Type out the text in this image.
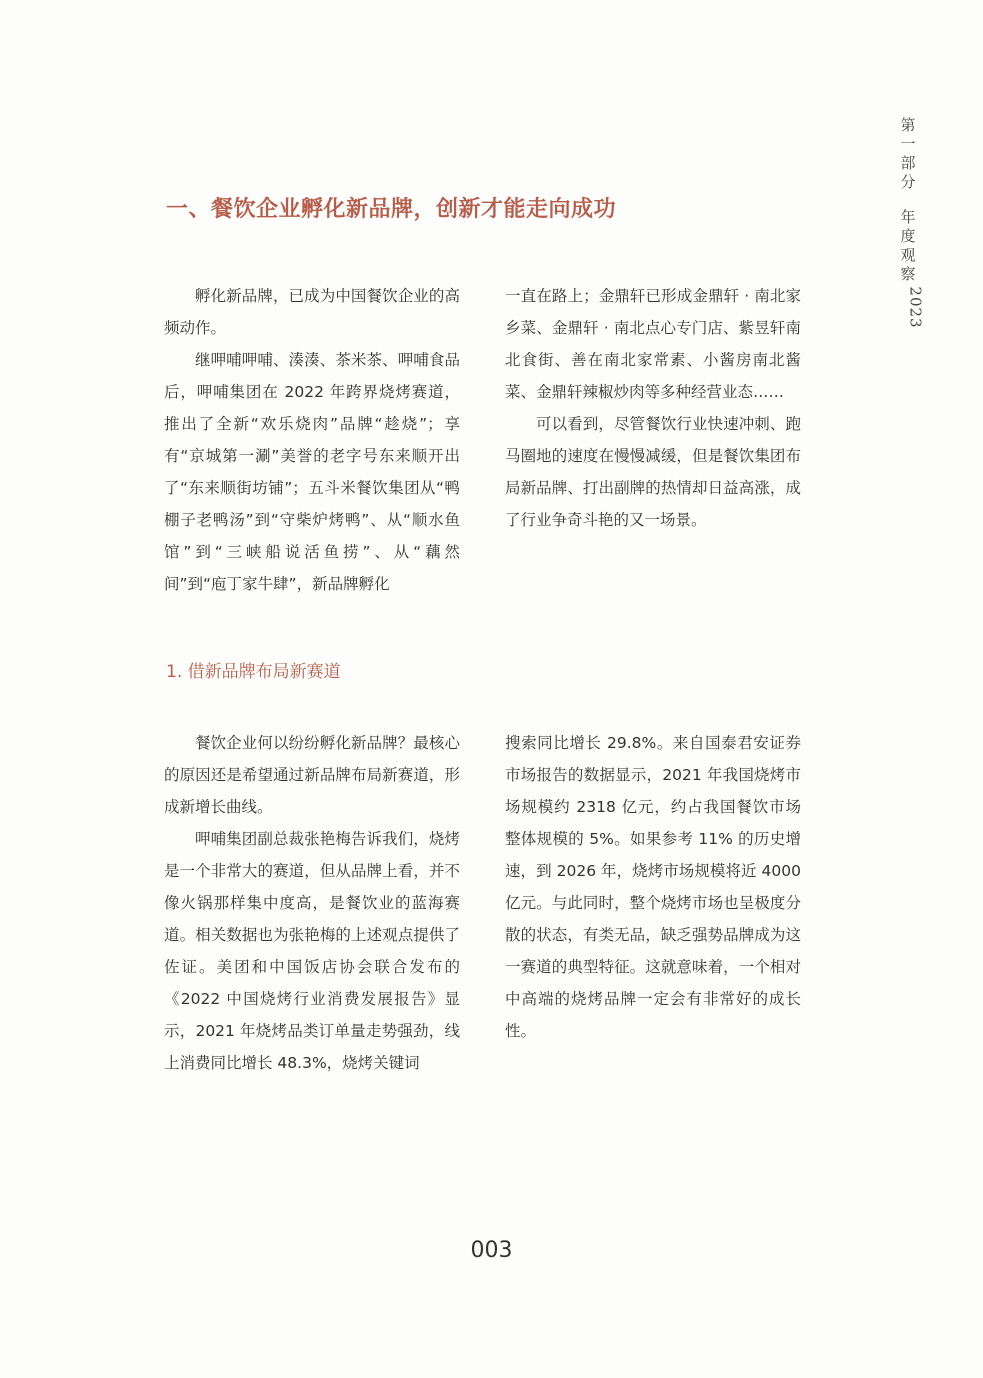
第
一
部
分
年
度
观
察
2023
一、餐饮企业孵化新品牌，创新才能走向成功

孵化新品牌，已成为中国餐饮企业的高频动作。

继呷哺呷哺、湊湊、茶米茶、呷哺食品后，呷哺集团在 2022 年跨界烧烤赛道，推出了全新“欢乐烧肉”品牌“趁烧”；享有“京城第一涮”美誉的老字号东来顺开出了“东来顺街坊铺”；五斗米餐饮集团从“鸭棚子老鸭汤”到“守柴炉烤鸭”、从“顺水鱼馆”到“三峡船说活鱼捞”、从“藕然间”到“庖丁家牛肆”，新品牌孵化

一直在路上；金鼎轩已形成金鼎轩 · 南北家乡菜、金鼎轩 · 南北点心专门店、紫昱轩南北食街、善在南北家常素、小酱房南北酱菜、金鼎轩辣椒炒肉等多种经营业态……

可以看到，尽管餐饮行业快速冲刺、跑马圈地的速度在慢慢减缓，但是餐饮集团布局新品牌、打出副牌的热情却日益高涨，成了行业争奇斗艳的又一场景。

1. 借新品牌布局新赛道

餐饮企业何以纷纷孵化新品牌？最核心的原因还是希望通过新品牌布局新赛道，形成新增长曲线。

呷哺集团副总裁张艳梅告诉我们，烧烤是一个非常大的赛道，但从品牌上看，并不像火锅那样集中度高，是餐饮业的蓝海赛道。相关数据也为张艳梅的上述观点提供了佐证。美团和中国饭店协会联合发布的《2022 中国烧烤行业消费发展报告》显示，2021 年烧烤品类订单量走势强劲，线上消费同比增长 48.3%，烧烤关键词

搜索同比增长 29.8%。来自国泰君安证券市场报告的数据显示，2021 年我国烧烤市场规模约 2318 亿元，约占我国餐饮市场整体规模的 5%。如果参考 11% 的历史增速，到 2026 年，烧烤市场规模将近 4000 亿元。与此同时，整个烧烤市场也呈极度分散的状态，有类无品，缺乏强势品牌成为这一赛道的典型特征。这就意味着，一个相对中高端的烧烤品牌一定会有非常好的成长性。

003
